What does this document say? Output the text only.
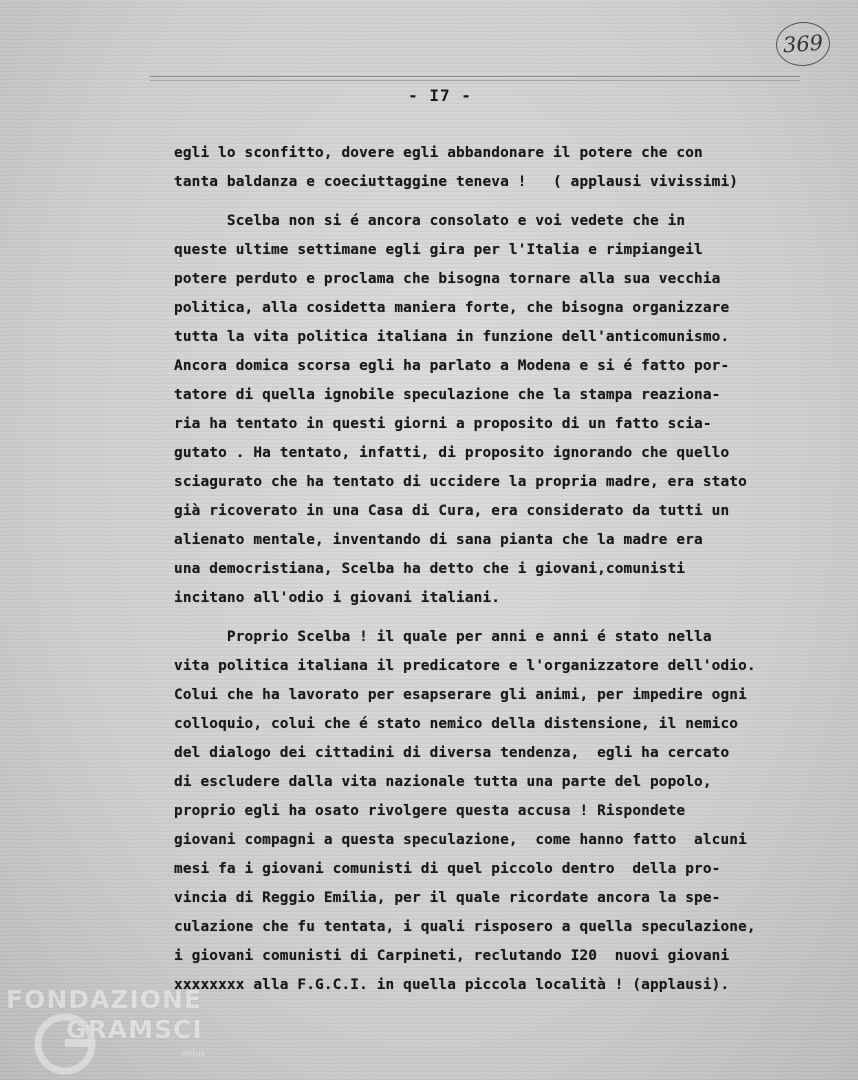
369
- I7 -
egli lo sconfitto, dovere egli abbandonare il potere che con
tanta baldanza e coeciuttaggine teneva !   ( applausi vivissimi)
Scelba non si é ancora consolato e voi vedete che in
queste ultime settimane egli gira per l'Italia e rimpiangeil
potere perduto e proclama che bisogna tornare alla sua vecchia
politica, alla cosidetta maniera forte, che bisogna organizzare
tutta la vita politica italiana in funzione dell'anticomunismo.
Ancora domica scorsa egli ha parlato a Modena e si é fatto por-
tatore di quella ignobile speculazione che la stampa reaziona-
ria ha tentato in questi giorni a proposito di un fatto scia-
gutato . Ha tentato, infatti, di proposito ignorando che quello
sciagurato che ha tentato di uccidere la propria madre, era stato
già ricoverato in una Casa di Cura, era considerato da tutti un
alienato mentale, inventando di sana pianta che la madre era
una democristiana, Scelba ha detto che i giovani,comunisti
incitano all'odio i giovani italiani.
Proprio Scelba ! il quale per anni e anni é stato nella
vita politica italiana il predicatore e l'organizzatore dell'odio.
Colui che ha lavorato per esapserare gli animi, per impedire ogni
colloquio, colui che é stato nemico della distensione, il nemico
del dialogo dei cittadini di diversa tendenza,  egli ha cercato
di escludere dalla vita nazionale tutta una parte del popolo,
proprio egli ha osato rivolgere questa accusa ! Rispondete
giovani compagni a questa speculazione,  come hanno fatto  alcuni
mesi fa i giovani comunisti di quel piccolo dentro  della pro-
vincia di Reggio Emilia, per il quale ricordate ancora la spe-
culazione che fu tentata, i quali risposero a quella speculazione,
i giovani comunisti di Carpineti, reclutando I20  nuovi giovani
xxxxxxxx alla F.G.C.I. in quella piccola località ! (applausi).
FONDAZIONE
GRAMSCI
onlus
